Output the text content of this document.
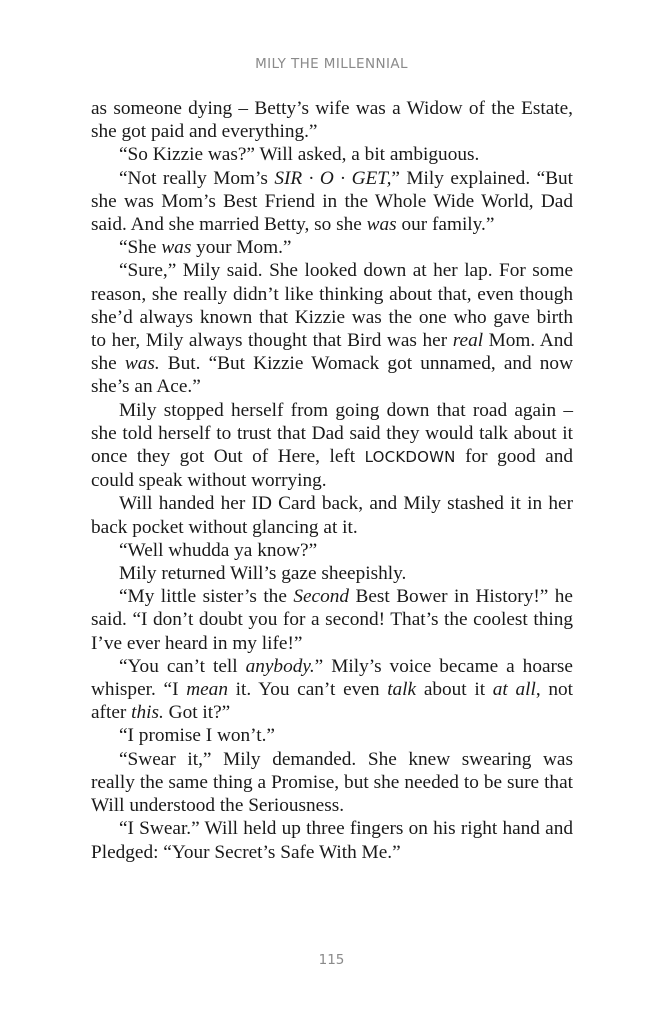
MILY THE MILLENNIAL

as someone dying – Betty’s wife was a Widow of the Estate, she got paid and everything.”

“So Kizzie was?” Will asked, a bit ambiguous.

“Not really Mom’s SIR · O · GET,” Mily explained. “But she was Mom’s Best Friend in the Whole Wide World, Dad said. And she married Betty, so she was our family.”

“She was your Mom.”

“Sure,” Mily said. She looked down at her lap. For some reason, she really didn’t like thinking about that, even though she’d always known that Kizzie was the one who gave birth to her, Mily always thought that Bird was her real Mom. And she was. But. “But Kizzie Womack got unnamed, and now she’s an Ace.”

Mily stopped herself from going down that road again – she told herself to trust that Dad said they would talk about it once they got Out of Here, left LOCKDOWN for good and could speak without worrying.

Will handed her ID Card back, and Mily stashed it in her back pocket without glancing at it.

“Well whudda ya know?”

Mily returned Will’s gaze sheepishly.

“My little sister’s the Second Best Bower in History!” he said. “I don’t doubt you for a second! That’s the coolest thing I’ve ever heard in my life!”

“You can’t tell anybody.” Mily’s voice became a hoarse whisper. “I mean it. You can’t even talk about it at all, not after this. Got it?”

“I promise I won’t.”

“Swear it,” Mily demanded. She knew swearing was really the same thing a Promise, but she needed to be sure that Will understood the Seriousness.

“I Swear.” Will held up three fingers on his right hand and Pledged: “Your Secret’s Safe With Me.”

115
